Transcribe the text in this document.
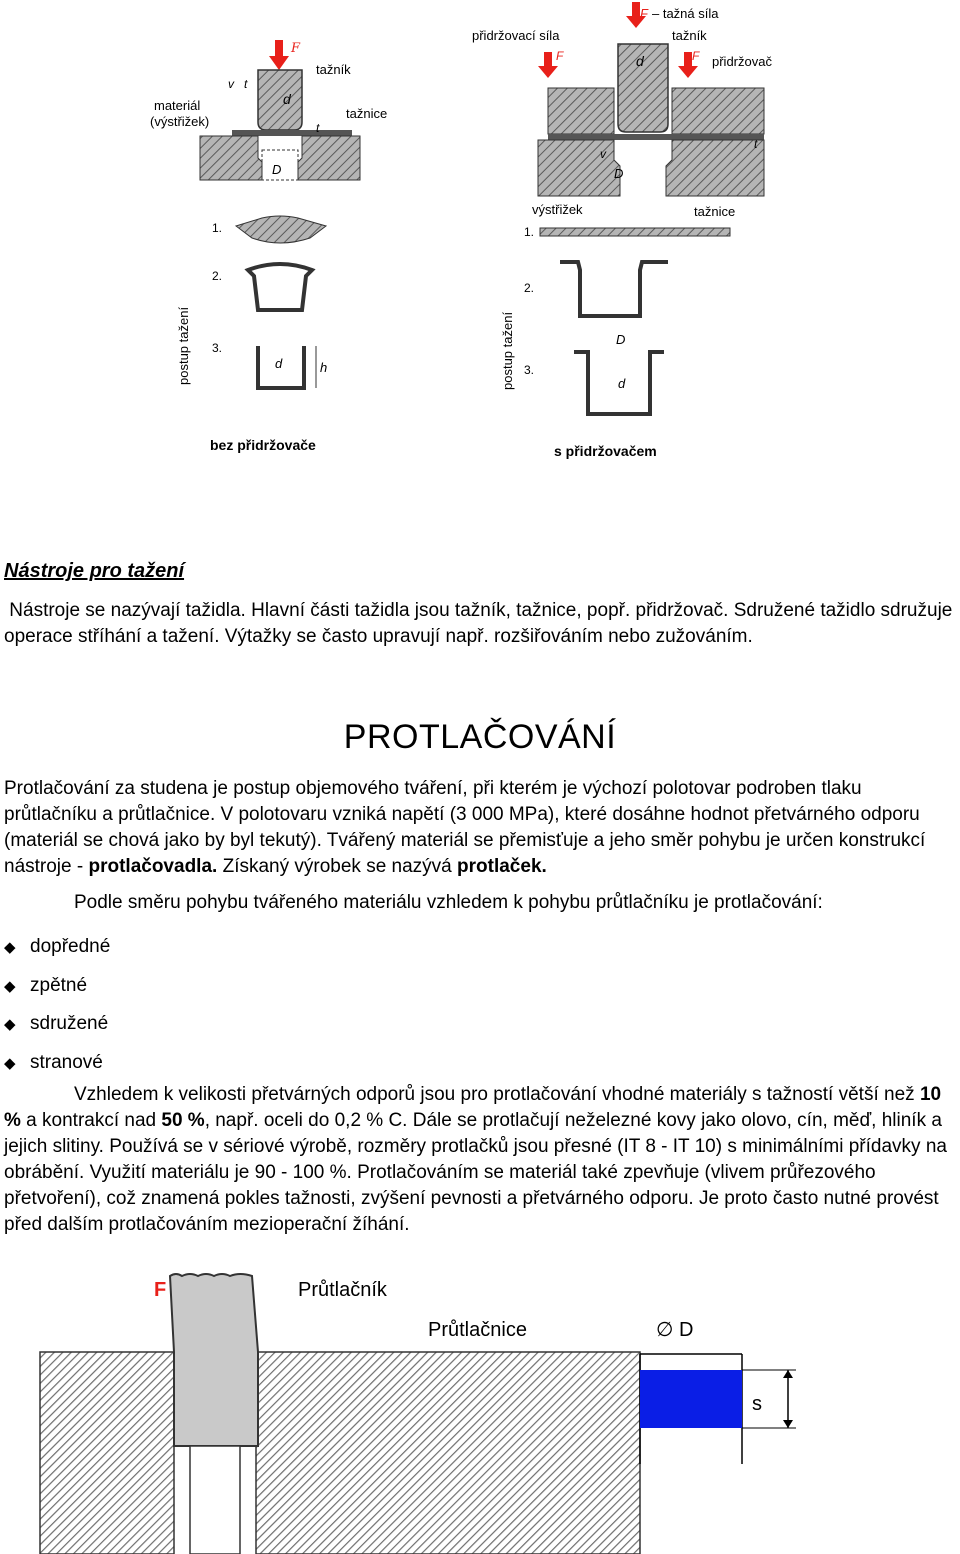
F
tažník
materiál
(výstřižek)
tažnice
v t
d
D
t
postup tažení
1.
2.
3.
d	h
bez přidržovače
F – tažná síla
přidržovací síla	tažník
F	F přidržovač
d
v
D
t
výstřižek	tažnice
postup tažení
1.
2.
3.
D
d
s přidržovačem
Nástroje pro tažení

Nástroje se nazývají tažidla. Hlavní části tažidla jsou tažník, tažnice, popř. přidržovač. Sdružené tažidlo sdružuje operace stříhání a tažení. Výtažky se často upravují např. rozšiřováním nebo zužováním.

PROTLAČOVÁNÍ

Protlačování za studena je postup objemového tváření, při kterém je výchozí polotovar podroben tlaku průtlačníku a průtlačnice. V polotovaru vzniká napětí (3 000 MPa), které dosáhne hodnot přetvárného odporu (materiál se chová jako by byl tekutý). Tvářený materiál se přemisťuje a jeho směr pohybu je určen konstrukcí nástroje - protlačovadla. Získaný výrobek se nazývá protlaček.

Podle směru pohybu tvářeného materiálu vzhledem k pohybu průtlačníku je protlačování:

◆ dopředné
◆ zpětné
◆ sdružené
◆ stranové

Vzhledem k velikosti přetvárných odporů jsou pro protlačování vhodné materiály s tažností větší než 10 % a kontrakcí nad 50 %, např. oceli do 0,2 % C. Dále se protlačují neželezné kovy jako olovo, cín, měď, hliník a jejich slitiny. Používá se v sériové výrobě, rozměry protlačků jsou přesné (IT 8 - IT 10) s minimálními přídavky na obrábění. Využití materiálu je 90 - 100 %. Protlačováním se materiál také zpevňuje (vlivem průřezového přetvoření), což znamená pokles tažnosti, zvýšení pevnosti a přetvárného odporu. Je proto často nutné provést před dalším protlačováním mezioperační žíhání.

F	Průtlačník
Průtlačnice	∅ D
s
